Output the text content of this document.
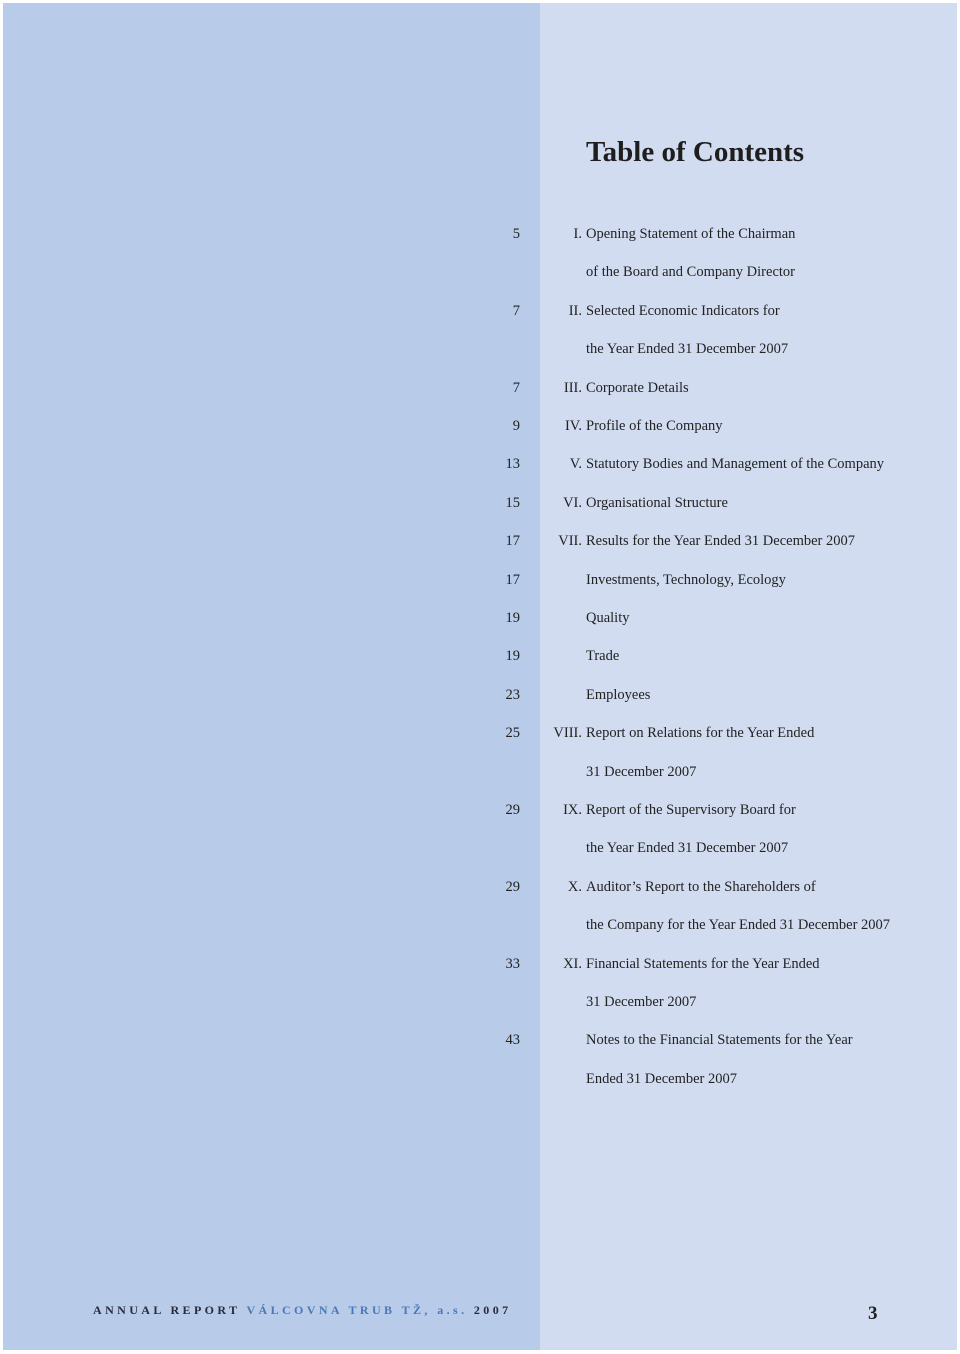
Table of Contents
5	I. Opening Statement of the Chairman
of the Board and Company Director
7	II. Selected Economic Indicators for
the Year Ended 31 December 2007
7	III. Corporate Details
9	IV. Profile of the Company
13	V. Statutory Bodies and Management of the Company
15	VI. Organisational Structure
17	VII. Results for the Year Ended 31 December 2007
17	Investments, Technology, Ecology
19	Quality
19	Trade
23	Employees
25 VIII. Report on Relations for the Year Ended
31 December 2007
29	IX. Report of the Supervisory Board for
the Year Ended 31 December 2007
29	X. Auditor’s Report to the Shareholders of
the Company for the Year Ended 31 December 2007
33	XI. Financial Statements for the Year Ended
31 December 2007
43	Notes to the Financial Statements for the Year
Ended 31 December 2007
ANNUAL REPORT VÁLCOVNA TRUB TŽ, a.s. 2007	3
